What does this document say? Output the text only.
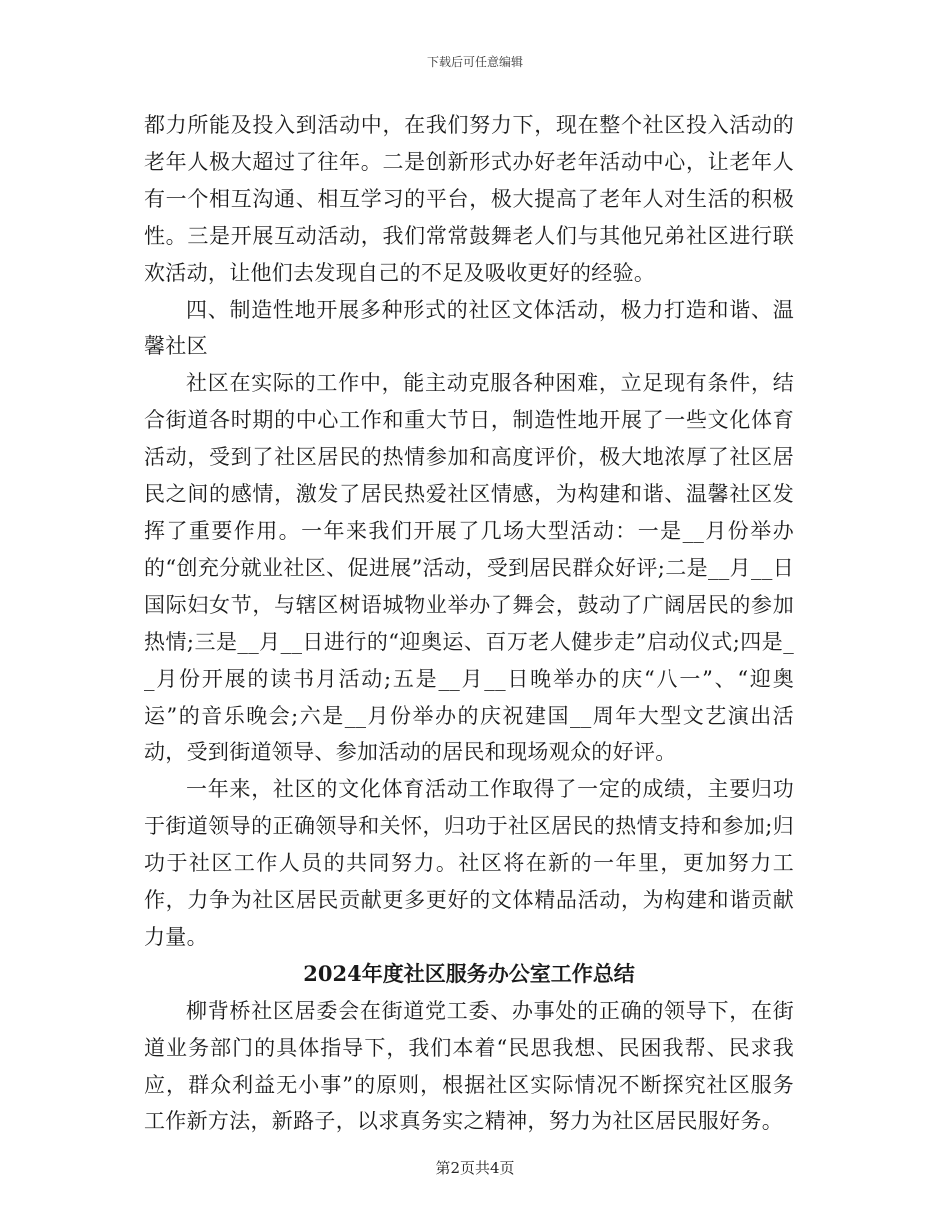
下载后可任意编辑

都力所能及投入到活动中，在我们努力下，现在整个社区投入活动的老年人极大超过了往年。二是创新形式办好老年活动中心，让老年人有一个相互沟通、相互学习的平台，极大提高了老年人对生活的积极性。三是开展互动活动，我们常常鼓舞老人们与其他兄弟社区进行联欢活动，让他们去发现自己的不足及吸收更好的经验。

四、制造性地开展多种形式的社区文体活动，极力打造和谐、温馨社区

社区在实际的工作中，能主动克服各种困难，立足现有条件，结合街道各时期的中心工作和重大节日，制造性地开展了一些文化体育活动，受到了社区居民的热情参加和高度评价，极大地浓厚了社区居民之间的感情，激发了居民热爱社区情感，为构建和谐、温馨社区发挥了重要作用。一年来我们开展了几场大型活动：一是__月份举办的“创充分就业社区、促进展”活动，受到居民群众好评;二是__月__日国际妇女节，与辖区树语城物业举办了舞会，鼓动了广阔居民的参加热情;三是__月__日进行的“迎奥运、百万老人健步走”启动仪式;四是__月份开展的读书月活动;五是__月__日晚举办的庆“八一”、“迎奥运”的音乐晚会;六是__月份举办的庆祝建国__周年大型文艺演出活动，受到街道领导、参加活动的居民和现场观众的好评。

一年来，社区的文化体育活动工作取得了一定的成绩，主要归功于街道领导的正确领导和关怀，归功于社区居民的热情支持和参加;归功于社区工作人员的共同努力。社区将在新的一年里，更加努力工作，力争为社区居民贡献更多更好的文体精品活动，为构建和谐贡献力量。

2024年度社区服务办公室工作总结

柳背桥社区居委会在街道党工委、办事处的正确的领导下，在街道业务部门的具体指导下，我们本着“民思我想、民困我帮、民求我应，群众利益无小事”的原则，根据社区实际情况不断探究社区服务工作新方法，新路子，以求真务实之精神，努力为社区居民服好务。

第2页共4页
